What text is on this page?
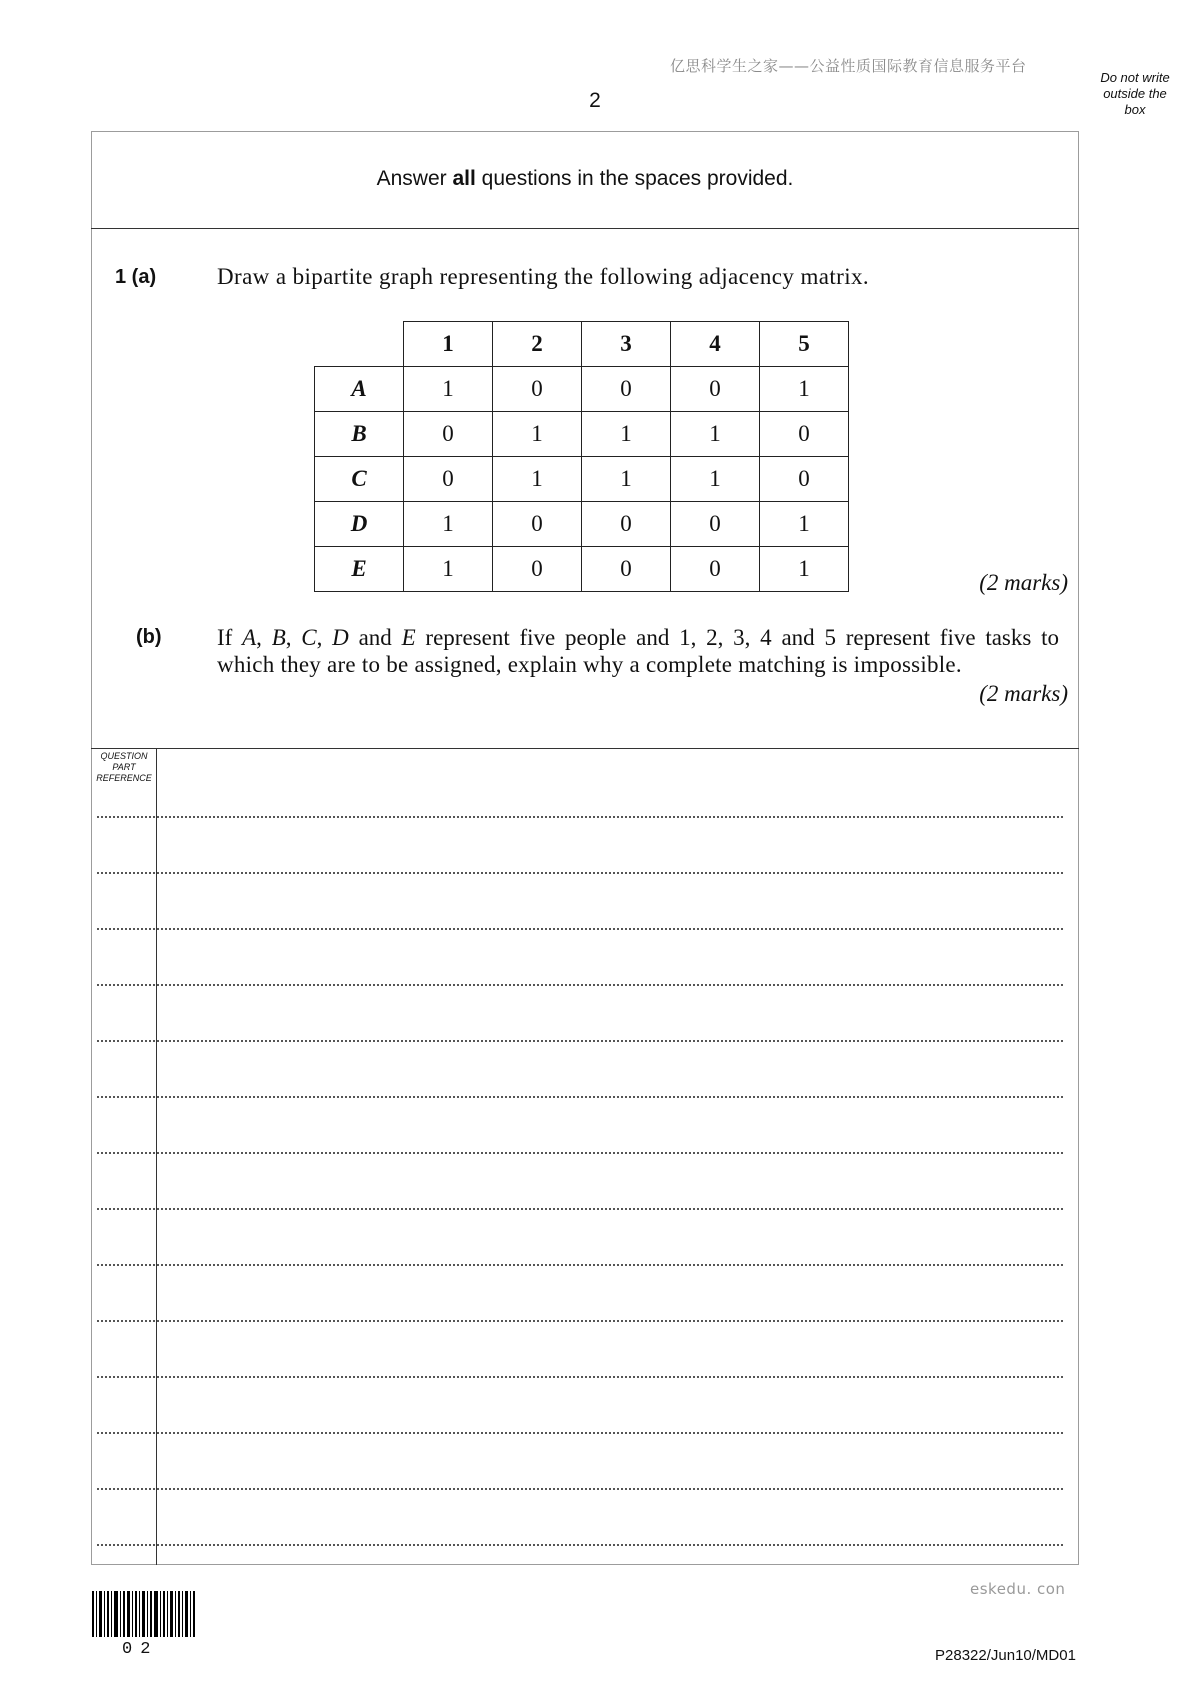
亿思科学生之家——公益性质国际教育信息服务平台
2
Do not write
outside the
box
Answer all questions in the spaces provided.
1 (a)	Draw a bipartite graph representing the following adjacency matrix.
	1	2	3	4	5
A	1	0	0	0	1
B	0	1	1	1	0
C	0	1	1	1	0
D	1	0	0	0	1
E	1	0	0	0	1
(2 marks)
(b) If A, B, C, D and E represent five people and 1, 2, 3, 4 and 5 represent five tasks to
which they are to be assigned, explain why a complete matching is impossible.
(2 marks)
QUESTION
PART
REFERENCE
eskedu. con
02	P28322/Jun10/MD01
